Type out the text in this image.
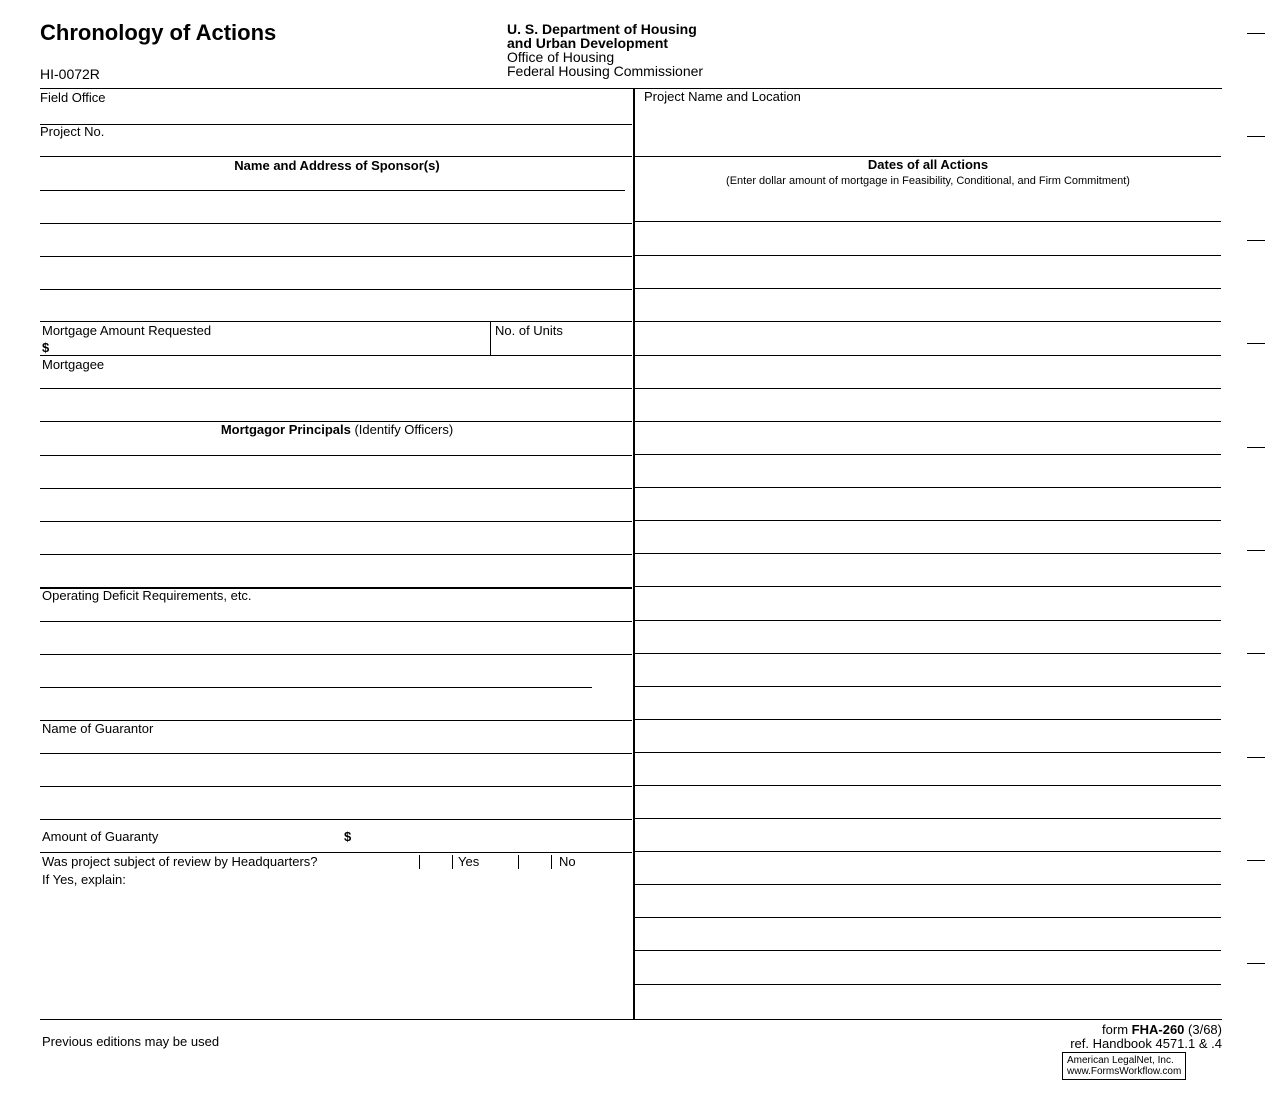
Chronology of Actions
HI-0072R
U. S. Department of Housing
and Urban Development
Office of Housing
Federal Housing Commissioner
Field Office
Project No.
Name and Address of Sponsor(s)
Mortgage Amount Requested
$
No. of Units
Mortgagee
Mortgagor Principals (Identify Officers)
Operating Deficit Requirements, etc.
Name of Guarantor
Amount of Guaranty	$
Was project subject of review by Headquarters?	Yes	No
If Yes, explain:
Project Name and Location
Dates of all Actions
(Enter dollar amount of mortgage in Feasibility, Conditional, and Firm Commitment)
Previous editions may be used
form FHA-260 (3/68)
ref. Handbook 4571.1 & .4
American LegalNet, Inc.
www.FormsWorkflow.com
